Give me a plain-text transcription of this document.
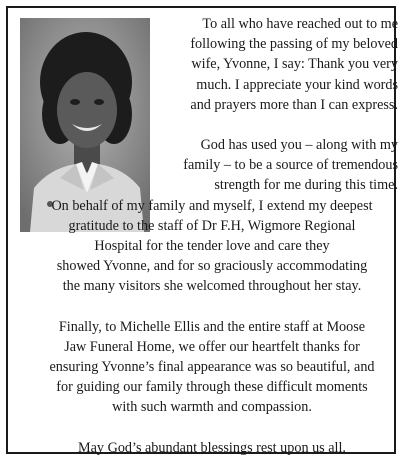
To all who have reached out to me
following the passing of my beloved
wife, Yvonne, I say: Thank you very
much. I appreciate your kind words
and prayers more than I can express.
God has used you – along with my
family – to be a source of tremendous
strength for me during this time.
On behalf of my family and myself, I extend my deepest
gratitude to the staff of Dr F.H, Wigmore Regional
Hospital for the tender love and care they
showed Yvonne, and for so graciously accommodating
the many visitors she welcomed throughout her stay.
Finally, to Michelle Ellis and the entire staff at Moose
Jaw Funeral Home, we offer our heartfelt thanks for
ensuring Yvonne’s final appearance was so beautiful, and
for guiding our family through these difficult moments
with such warmth and compassion.
May God’s abundant blessings rest upon us all.
